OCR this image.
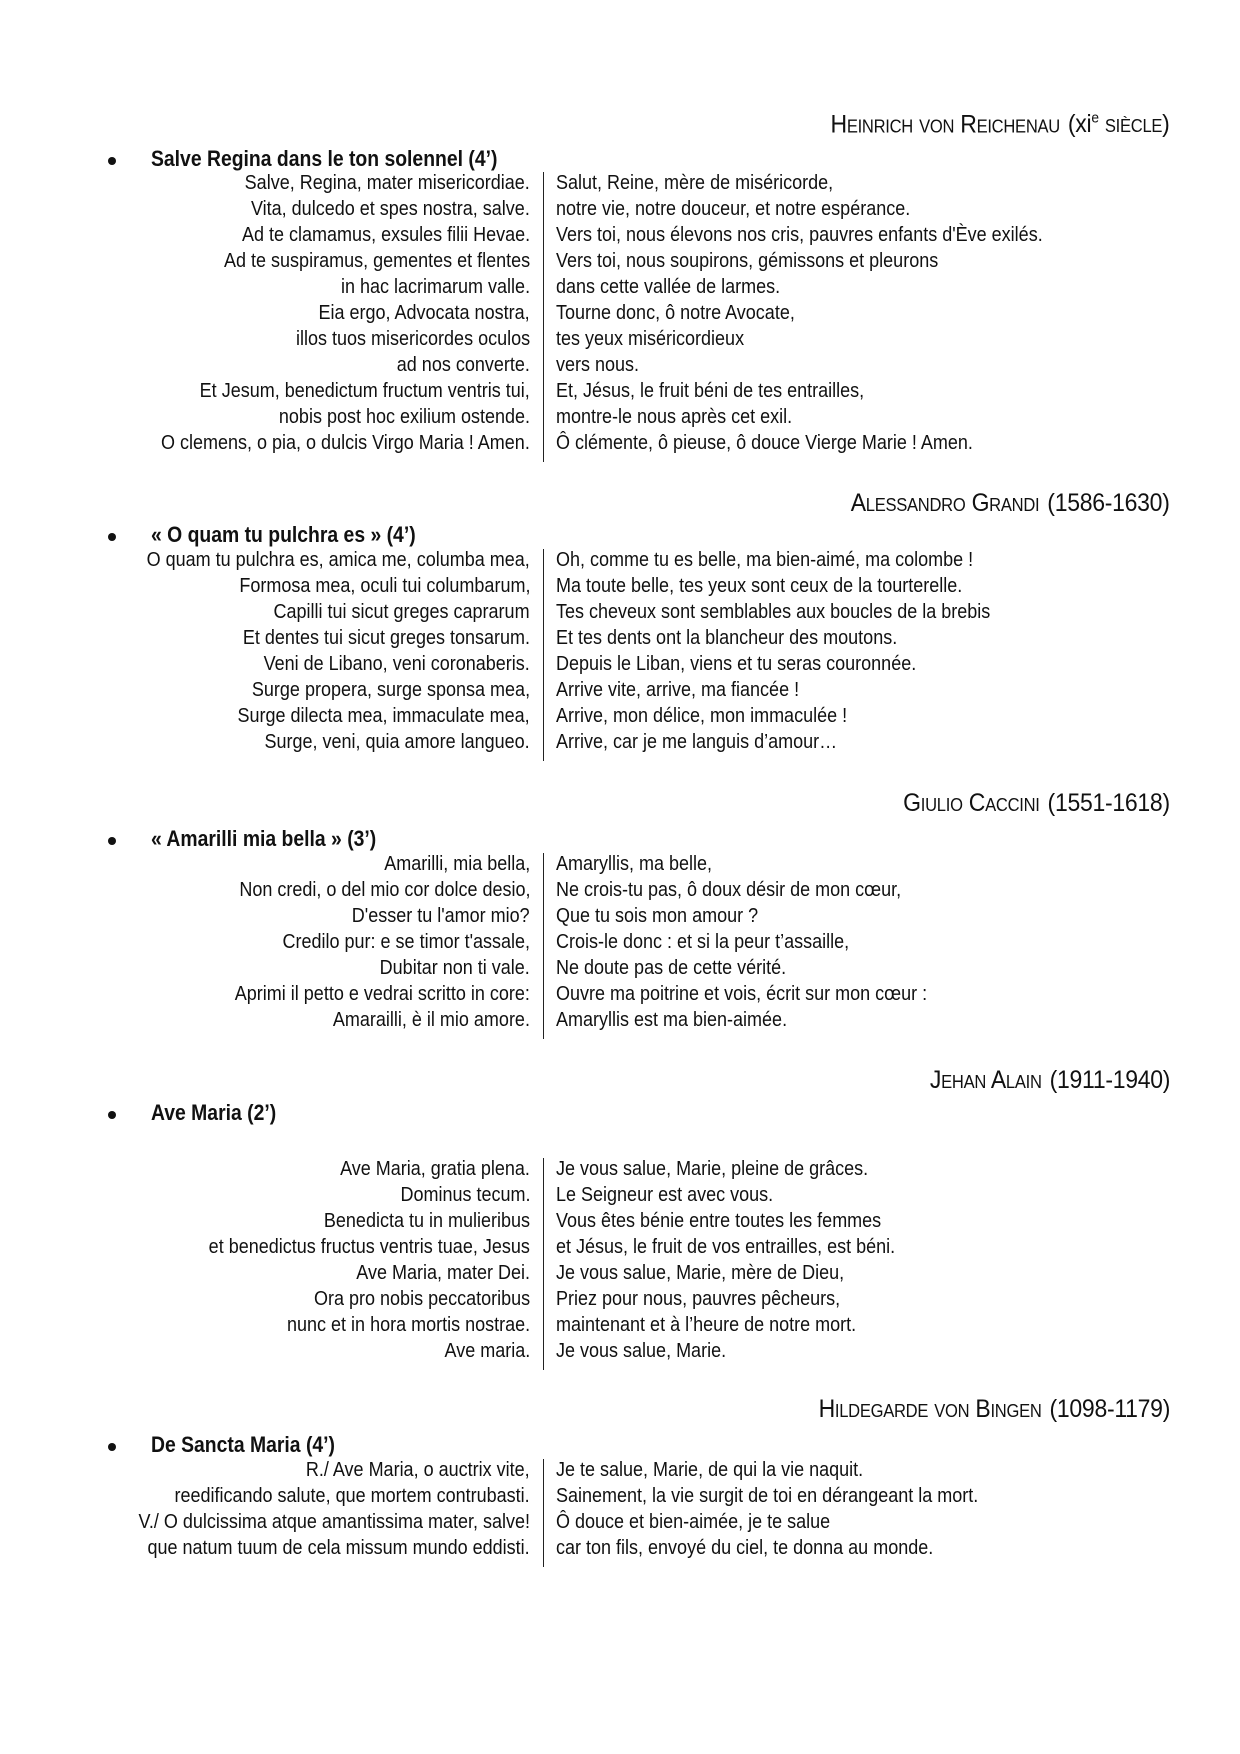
Heinrich von Reichenau ($xi^e$ siècle)
Salve Regina dans le ton solennel (4’)
Salve, Regina, mater misericordiae. Salut, Reine, mère de miséricorde,
Vita, dulcedo et spes nostra, salve. notre vie, notre douceur, et notre espérance.
Ad te clamamus, exsules filii Hevae. Vers toi, nous élevons nos cris, pauvres enfants d'Ève exilés.
Ad te suspiramus, gementes et flentes Vers toi, nous soupirons, gémissons et pleurons
in hac lacrimarum valle. dans cette vallée de larmes.
Eia ergo, Advocata nostra, Tourne donc, ô notre Avocate,
illos tuos misericordes oculos tes yeux miséricordieux
ad nos converte. vers nous.
Et Jesum, benedictum fructum ventris tui, Et, Jésus, le fruit béni de tes entrailles,
nobis post hoc exilium ostende. montre-le nous après cet exil.
O clemens, o pia, o dulcis Virgo Maria ! Amen. Ô clémente, ô pieuse, ô douce Vierge Marie ! Amen.
Alessandro Grandi (1586-1630)
« O quam tu pulchra es » (4’)
O quam tu pulchra es, amica me, columba mea, Oh, comme tu es belle, ma bien-aimé, ma colombe !
Formosa mea, oculi tui columbarum, Ma toute belle, tes yeux sont ceux de la tourterelle.
Capilli tui sicut greges caprarum Tes cheveux sont semblables aux boucles de la brebis
Et dentes tui sicut greges tonsarum. Et tes dents ont la blancheur des moutons.
Veni de Libano, veni coronaberis. Depuis le Liban, viens et tu seras couronnée.
Surge propera, surge sponsa mea, Arrive vite, arrive, ma fiancée !
Surge dilecta mea, immaculate mea, Arrive, mon délice, mon immaculée !
Surge, veni, quia amore langueo. Arrive, car je me languis d’amour…
Giulio Caccini (1551-1618)
« Amarilli mia bella » (3’)
Amarilli, mia bella, Amaryllis, ma belle,
Non credi, o del mio cor dolce desio, Ne crois-tu pas, ô doux désir de mon cœur,
D'esser tu l'amor mio? Que tu sois mon amour ?
Credilo pur: e se timor t'assale, Crois-le donc : et si la peur t’assaille,
Dubitar non ti vale. Ne doute pas de cette vérité.
Aprimi il petto e vedrai scritto in core: Ouvre ma poitrine et vois, écrit sur mon cœur :
Amarailli, è il mio amore. Amaryllis est ma bien-aimée.
Jehan Alain (1911-1940)
Ave Maria (2’)
Ave Maria, gratia plena. Je vous salue, Marie, pleine de grâces.
Dominus tecum. Le Seigneur est avec vous.
Benedicta tu in mulieribus Vous êtes bénie entre toutes les femmes
et benedictus fructus ventris tuae, Jesus et Jésus, le fruit de vos entrailles, est béni.
Ave Maria, mater Dei. Je vous salue, Marie, mère de Dieu,
Ora pro nobis peccatoribus Priez pour nous, pauvres pêcheurs,
nunc et in hora mortis nostrae. maintenant et à l’heure de notre mort.
Ave maria. Je vous salue, Marie.
Hildegarde von Bingen (1098-1179)
De Sancta Maria (4’)
R./ Ave Maria, o auctrix vite, Je te salue, Marie, de qui la vie naquit.
reedificando salute, que mortem contrubasti. Sainement, la vie surgit de toi en dérangeant la mort.
V./ O dulcissima atque amantissima mater, salve! Ô douce et bien-aimée, je te salue
que natum tuum de cela missum mundo eddisti. car ton fils, envoyé du ciel, te donna au monde.
